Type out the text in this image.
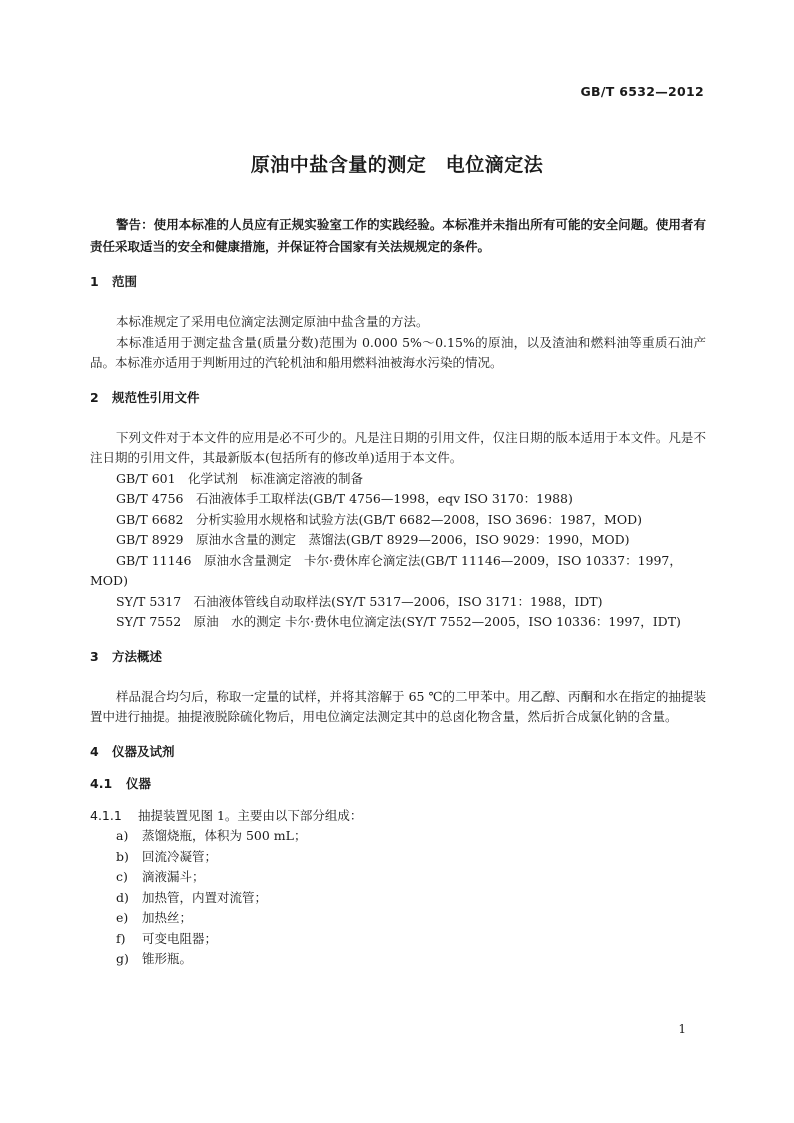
GB/T 6532—2012
原油中盐含量的测定　电位滴定法

警告：使用本标准的人员应有正规实验室工作的实践经验。本标准并未指出所有可能的安全问题。使用者有责任采取适当的安全和健康措施，并保证符合国家有关法规规定的条件。

1 范围

本标准规定了采用电位滴定法测定原油中盐含量的方法。

本标准适用于测定盐含量(质量分数)范围为 0.000 5%～0.15%的原油，以及渣油和燃料油等重质石油产品。本标准亦适用于判断用过的汽轮机油和船用燃料油被海水污染的情况。

2 规范性引用文件

下列文件对于本文件的应用是必不可少的。凡是注日期的引用文件，仅注日期的版本适用于本文件。凡是不注日期的引用文件，其最新版本(包括所有的修改单)适用于本文件。

GB/T 601　化学试剂　标准滴定溶液的制备

GB/T 4756　石油液体手工取样法(GB/T 4756—1998，eqv ISO 3170：1988)

GB/T 6682　分析实验用水规格和试验方法(GB/T 6682—2008，ISO 3696：1987，MOD)

GB/T 8929　原油水含量的测定　蒸馏法(GB/T 8929—2006，ISO 9029：1990，MOD)

GB/T 11146　原油水含量测定　卡尔·费休库仑滴定法(GB/T 11146—2009，ISO 10337：1997，MOD)

SY/T 5317　石油液体管线自动取样法(SY/T 5317—2006，ISO 3171：1988，IDT)

SY/T 7552　原油　水的测定 卡尔·费休电位滴定法(SY/T 7552—2005，ISO 10336：1997，IDT)

3 方法概述

样品混合均匀后，称取一定量的试样，并将其溶解于 65 ℃的二甲苯中。用乙醇、丙酮和水在指定的抽提装置中进行抽提。抽提液脱除硫化物后，用电位滴定法测定其中的总卤化物含量，然后折合成氯化钠的含量。

4 仪器及试剂

4.1 仪器

4.1.1 抽提装置见图 1。主要由以下部分组成：

a) 蒸馏烧瓶，体积为 500 mL；

b) 回流冷凝管；

c) 滴液漏斗；

d) 加热管，内置对流管；

e) 加热丝；

f) 可变电阻器；

g) 锥形瓶。

1
